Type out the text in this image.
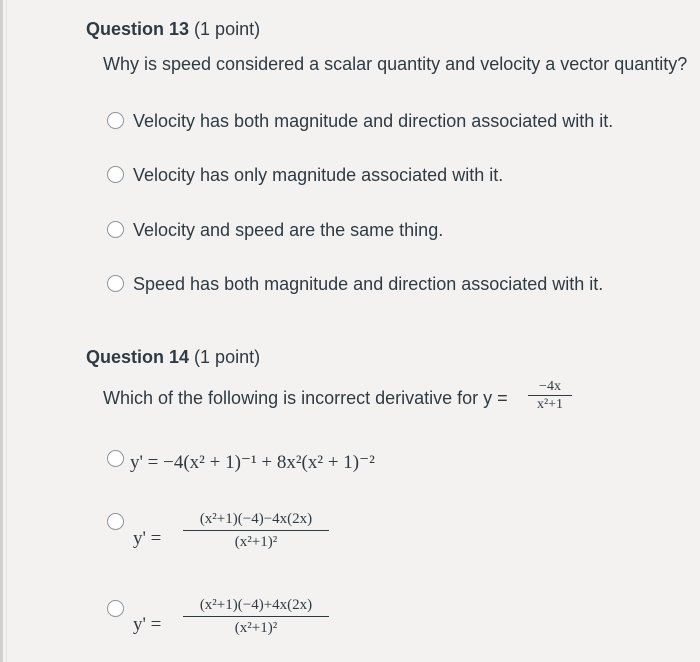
Question 13 (1 point)
Why is speed considered a scalar quantity and velocity a vector quantity?
Velocity has both magnitude and direction associated with it.
Velocity has only magnitude associated with it.
Velocity and speed are the same thing.
Speed has both magnitude and direction associated with it.
Question 14 (1 point)
Which of the following is incorrect derivative for y =
−4x
x²+1
y' = −4(x² + 1)⁻¹ + 8x²(x² + 1)⁻²
y' =
(x²+1)(−4)−4x(2x)
(x²+1)²
y' =
(x²+1)(−4)+4x(2x)
(x²+1)²
